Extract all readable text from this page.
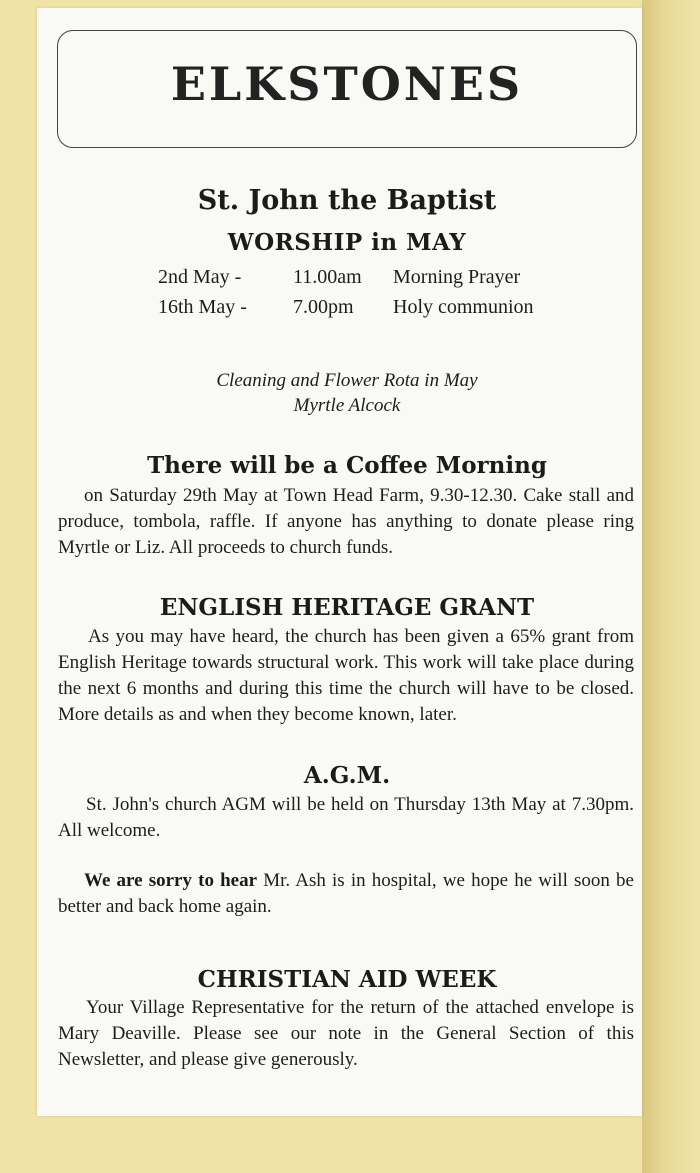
ELKSTONES
St. John the Baptist
WORSHIP in MAY
2nd May -	11.00am	Morning Prayer
16th May -	7.00pm	Holy communion
Cleaning and Flower Rota in May
Myrtle Alcock
There will be a Coffee Morning
on Saturday 29th May at Town Head Farm, 9.30-12.30. Cake stall and produce, tombola, raffle. If anyone has anything to donate please ring Myrtle or Liz. All proceeds to church funds.
ENGLISH HERITAGE GRANT
As you may have heard, the church has been given a 65% grant from English Heritage towards structural work. This work will take place during the next 6 months and during this time the church will have to be closed. More details as and when they become known, later.
A.G.M.
St. John's church AGM will be held on Thursday 13th May at 7.30pm. All welcome.
We are sorry to hear Mr. Ash is in hospital, we hope he will soon be better and back home again.
CHRISTIAN AID WEEK
Your Village Representative for the return of the attached envelope is Mary Deaville. Please see our note in the General Section of this Newsletter, and please give generously.
